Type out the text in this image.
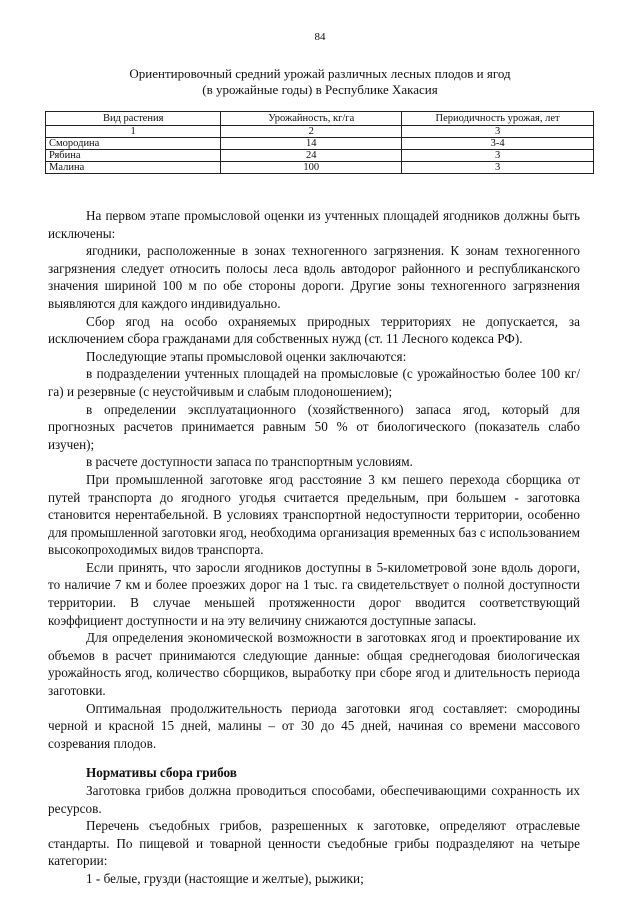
84
Ориентировочный средний урожай различных лесных плодов и ягод
(в урожайные годы) в Республике Хакасия
Вид растения	Урожайность, кг/га	Периодичность урожая, лет
1	2	3
Смородина	14	3-4
Рябина	24	3
Малина	100	3

На первом этапе промысловой оценки из учтенных площадей ягодников должны быть исключены:

ягодники, расположенные в зонах техногенного загрязнения. К зонам техногенного загрязнения следует относить полосы леса вдоль автодорог районного и республиканского значения шириной 100 м по обе стороны дороги. Другие зоны техногенного загрязнения выявляются для каждого индивидуально.

Сбор ягод на особо охраняемых природных территориях не допускается, за исключением сбора гражданами для собственных нужд (ст. 11 Лесного кодекса РФ).

Последующие этапы промысловой оценки заключаются:

в подразделении учтенных площадей на промысловые (с урожайностью более 100 кг/га) и резервные (с неустойчивым и слабым плодоношением);

в определении эксплуатационного (хозяйственного) запаса ягод, который для прогнозных расчетов принимается равным 50 % от биологического (показатель слабо изучен);

в расчете доступности запаса по транспортным условиям.

При промышленной заготовке ягод расстояние 3 км пешего перехода сборщика от путей транспорта до ягодного угодья считается предельным, при большем - заготовка становится нерентабельной. В условиях транспортной недоступности территории, особенно для промышленной заготовки ягод, необходима организация временных баз с использованием высокопроходимых видов транспорта.

Если принять, что заросли ягодников доступны в 5-километровой зоне вдоль дороги, то наличие 7 км и более проезжих дорог на 1 тыс. га свидетельствует о полной доступности территории. В случае меньшей протяженности дорог вводится соответствующий коэффициент доступности и на эту величину снижаются доступные запасы.

Для определения экономической возможности в заготовках ягод и проектирование их объемов в расчет принимаются следующие данные: общая среднегодовая биологическая урожайность ягод, количество сборщиков, выработку при сборе ягод и длительность периода заготовки.

Оптимальная продолжительность периода заготовки ягод составляет: смородины черной и красной 15 дней, малины – от 30 до 45 дней, начиная со времени массового созревания плодов.

Нормативы сбора грибов

Заготовка грибов должна проводиться способами, обеспечивающими сохранность их ресурсов.

Перечень съедобных грибов, разрешенных к заготовке, определяют отраслевые стандарты. По пищевой и товарной ценности съедобные грибы подразделяют на четыре категории:

1 - белые, грузди (настоящие и желтые), рыжики;
